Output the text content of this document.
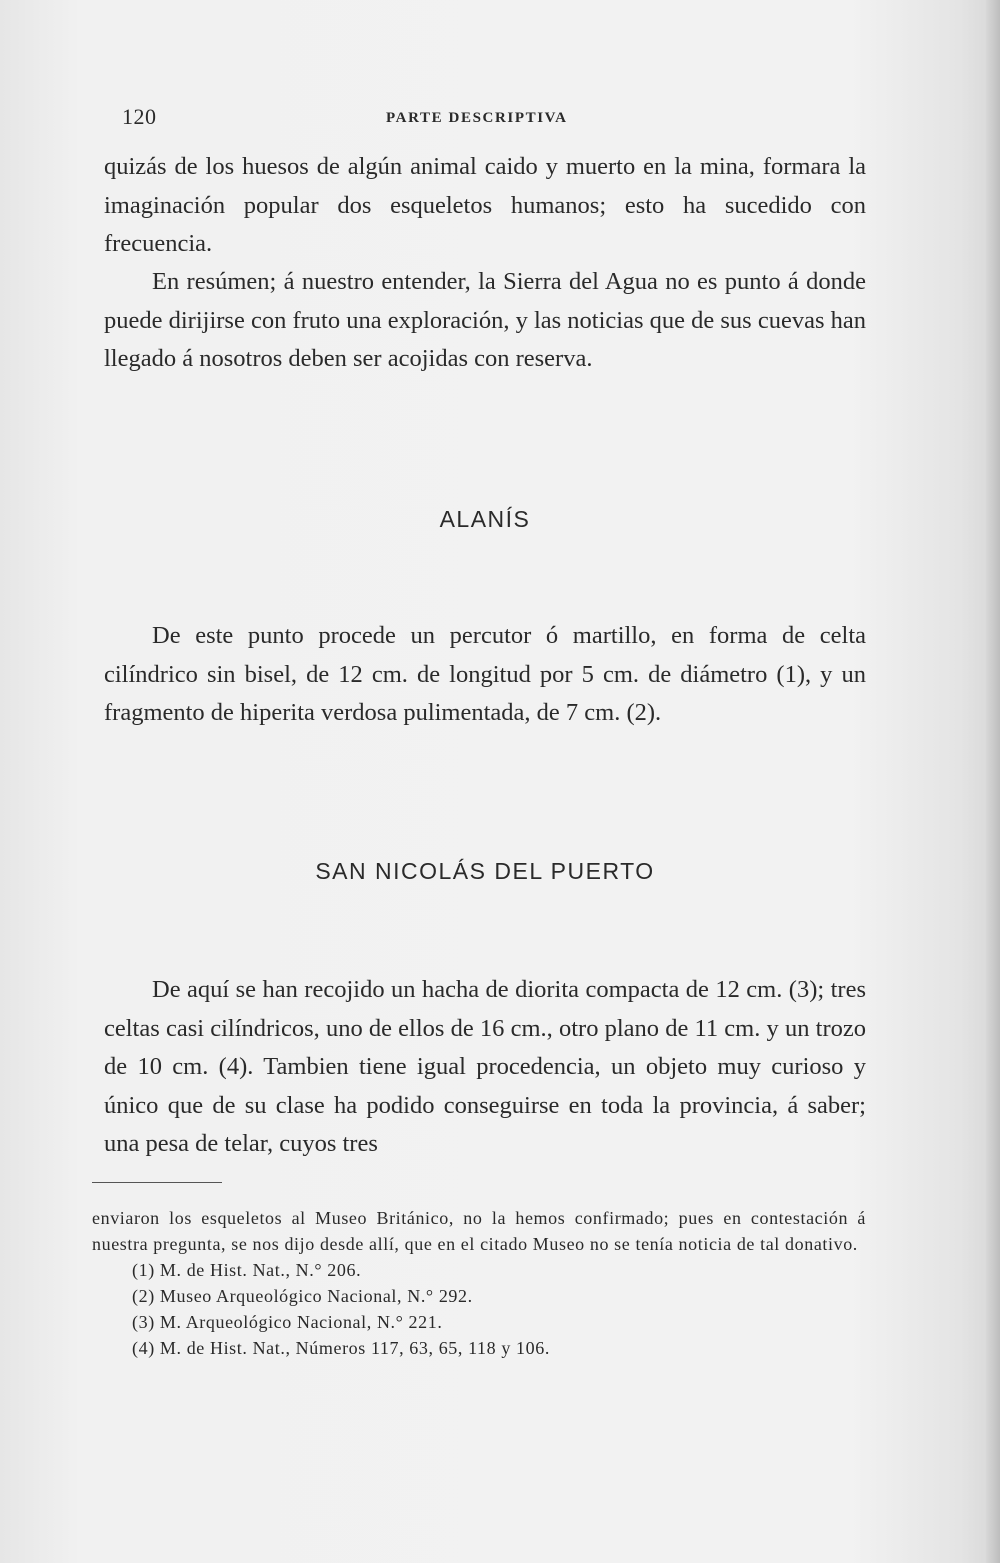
120	PARTE DESCRIPTIVA

quizás de los huesos de algún animal caido y muerto en la mina, formara la imaginación popular dos esqueletos humanos; esto ha sucedido con frecuencia.

En resúmen; á nuestro entender, la Sierra del Agua no es punto á donde puede dirijirse con fruto una exploración, y las noticias que de sus cuevas han llegado á nosotros deben ser acojidas con reserva.

ALANÍS

De este punto procede un percutor ó martillo, en forma de celta cilíndrico sin bisel, de 12 cm. de longitud por 5 cm. de diámetro (1), y un fragmento de hiperita verdosa pulimentada, de 7 cm. (2).

SAN NICOLÁS DEL PUERTO

De aquí se han recojido un hacha de diorita compacta de 12 cm. (3); tres celtas casi cilíndricos, uno de ellos de 16 cm., otro plano de 11 cm. y un trozo de 10 cm. (4). Tambien tiene igual procedencia, un objeto muy curioso y único que de su clase ha podido conseguirse en toda la provincia, á saber; una pesa de telar, cuyos tres

enviaron los esqueletos al Museo Británico, no la hemos confirmado; pues en contestación á nuestra pregunta, se nos dijo desde allí, que en el citado Museo no se tenía noticia de tal donativo.
(1) M. de Hist. Nat., N.° 206.
(2) Museo Arqueológico Nacional, N.° 292.
(3) M. Arqueológico Nacional, N.° 221.
(4) M. de Hist. Nat., Números 117, 63, 65, 118 y 106.
